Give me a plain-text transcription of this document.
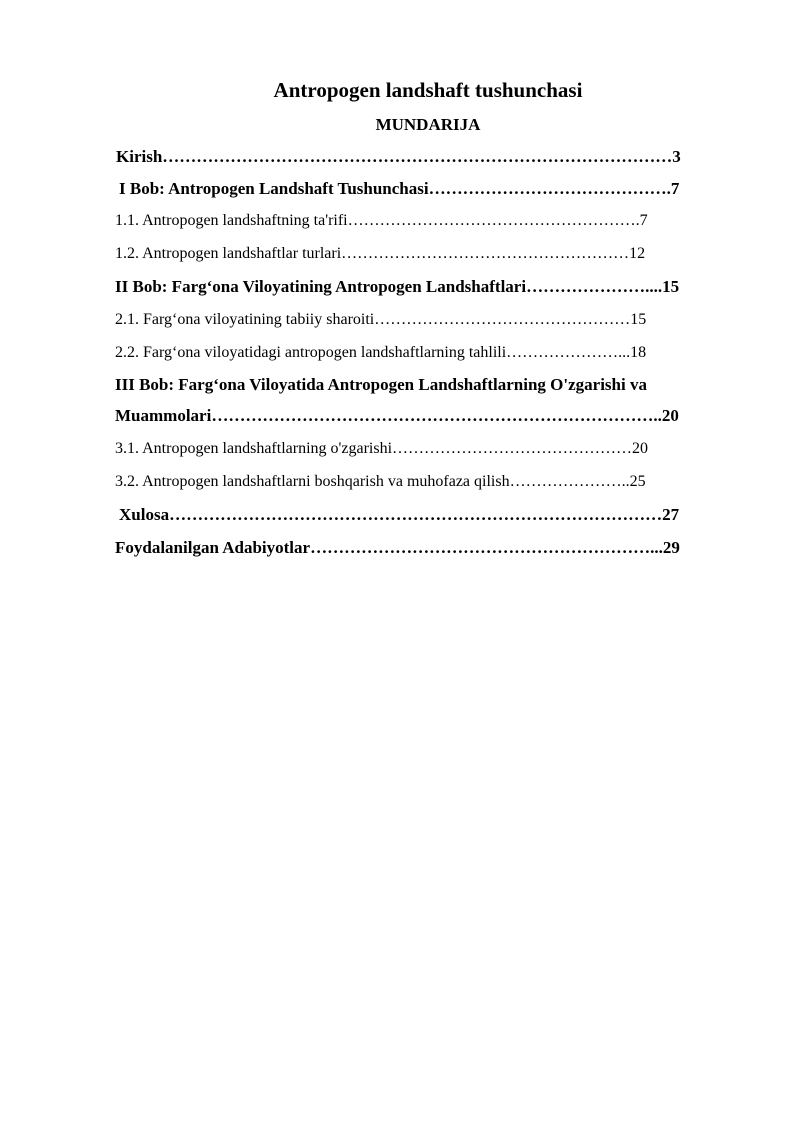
Antropogen landshaft tushunchasi
MUNDARIJA
Kirish………………………………………………………………………………3
I Bob: Antropogen Landshaft Tushunchasi…………………………………….7
1.1. Antropogen landshaftning ta'rifi……………………………………………….7
1.2. Antropogen landshaftlar turlari………………………………………………12
II Bob: Farg‘ona Viloyatining Antropogen Landshaftlari…………………....15
2.1. Farg‘ona viloyatining tabiiy sharoiti…………………………………………15
2.2. Farg‘ona viloyatidagi antropogen landshaftlarning tahlili…………………...18
III Bob: Farg‘ona Viloyatida Antropogen Landshaftlarning O'zgarishi va
Muammolari……………………………………………………………………..20
3.1. Antropogen landshaftlarning o'zgarishi………………………………………20
3.2. Antropogen landshaftlarni boshqarish va muhofaza qilish…………………..25
Xulosa……………………………………………………………………………27
Foydalanilgan Adabiyotlar……………………………………………………...29
